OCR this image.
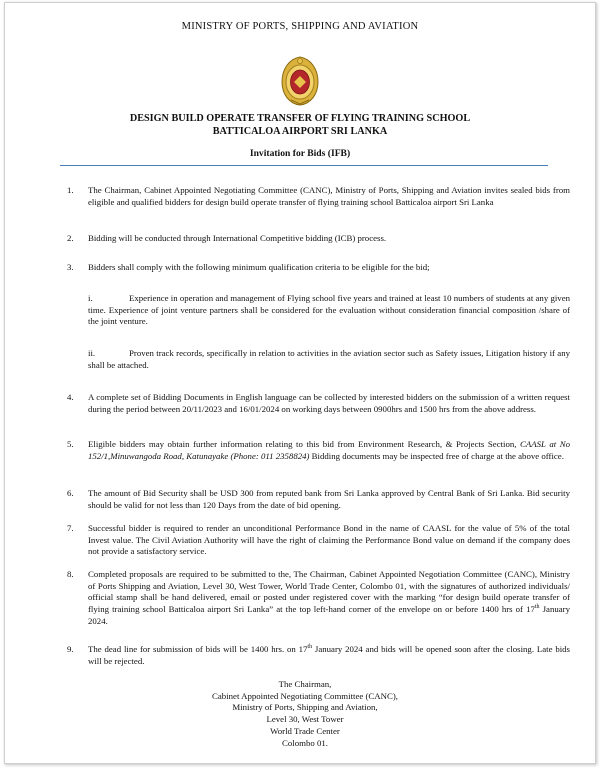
MINISTRY OF PORTS, SHIPPING AND AVIATION
DESIGN BUILD OPERATE TRANSFER OF FLYING TRAINING SCHOOL
BATTICALOA AIRPORT SRI LANKA
Invitation for Bids (IFB)
1. The Chairman, Cabinet Appointed Negotiating Committee (CANC), Ministry of Ports, Shipping and Aviation invites sealed bids from eligible and qualified bidders for design build operate transfer of flying training school Batticaloa airport Sri Lanka
2. Bidding will be conducted through International Competitive bidding (ICB) process.
3. Bidders shall comply with the following minimum qualification criteria to be eligible for the bid;
i.	Experience in operation and management of Flying school five years and trained at least 10 numbers of students at any given time. Experience of joint venture partners shall be considered for the evaluation without consideration financial composition /share of the joint venture.
ii.	Proven track records, specifically in relation to activities in the aviation sector such as Safety issues, Litigation history if any shall be attached.
4. A complete set of Bidding Documents in English language can be collected by interested bidders on the submission of a written request during the period between 20/11/2023 and 16/01/2024 on working days between 0900hrs and 1500 hrs from the above address.
5. Eligible bidders may obtain further information relating to this bid from Environment Research, & Projects Section, CAASL at No 152/1,Minuwangoda Road, Katunayake (Phone: 011 2358824) Bidding documents may be inspected free of charge at the above office.
6. The amount of Bid Security shall be USD 300 from reputed bank from Sri Lanka approved by Central Bank of Sri Lanka. Bid security should be valid for not less than 120 Days from the date of bid opening.
7. Successful bidder is required to render an unconditional Performance Bond in the name of CAASL for the value of 5% of the total Invest value. The Civil Aviation Authority will have the right of claiming the Performance Bond value on demand if the company does not provide a satisfactory service.
8. Completed proposals are required to be submitted to the, The Chairman, Cabinet Appointed Negotiation Committee (CANC), Ministry of Ports Shipping and Aviation, Level 30, West Tower, World Trade Center, Colombo 01, with the signatures of authorized individuals/ official stamp shall be hand delivered, email or posted under registered cover with the marking “for design build operate transfer of flying training school Batticaloa airport Sri Lanka” at the top left-hand corner of the envelope on or before 1400 hrs of 17th January 2024.
9. The dead line for submission of bids will be 1400 hrs. on 17th January 2024 and bids will be opened soon after the closing. Late bids will be rejected.
The Chairman,
Cabinet Appointed Negotiating Committee (CANC),
Ministry of Ports, Shipping and Aviation,
Level 30, West Tower
World Trade Center
Colombo 01.
